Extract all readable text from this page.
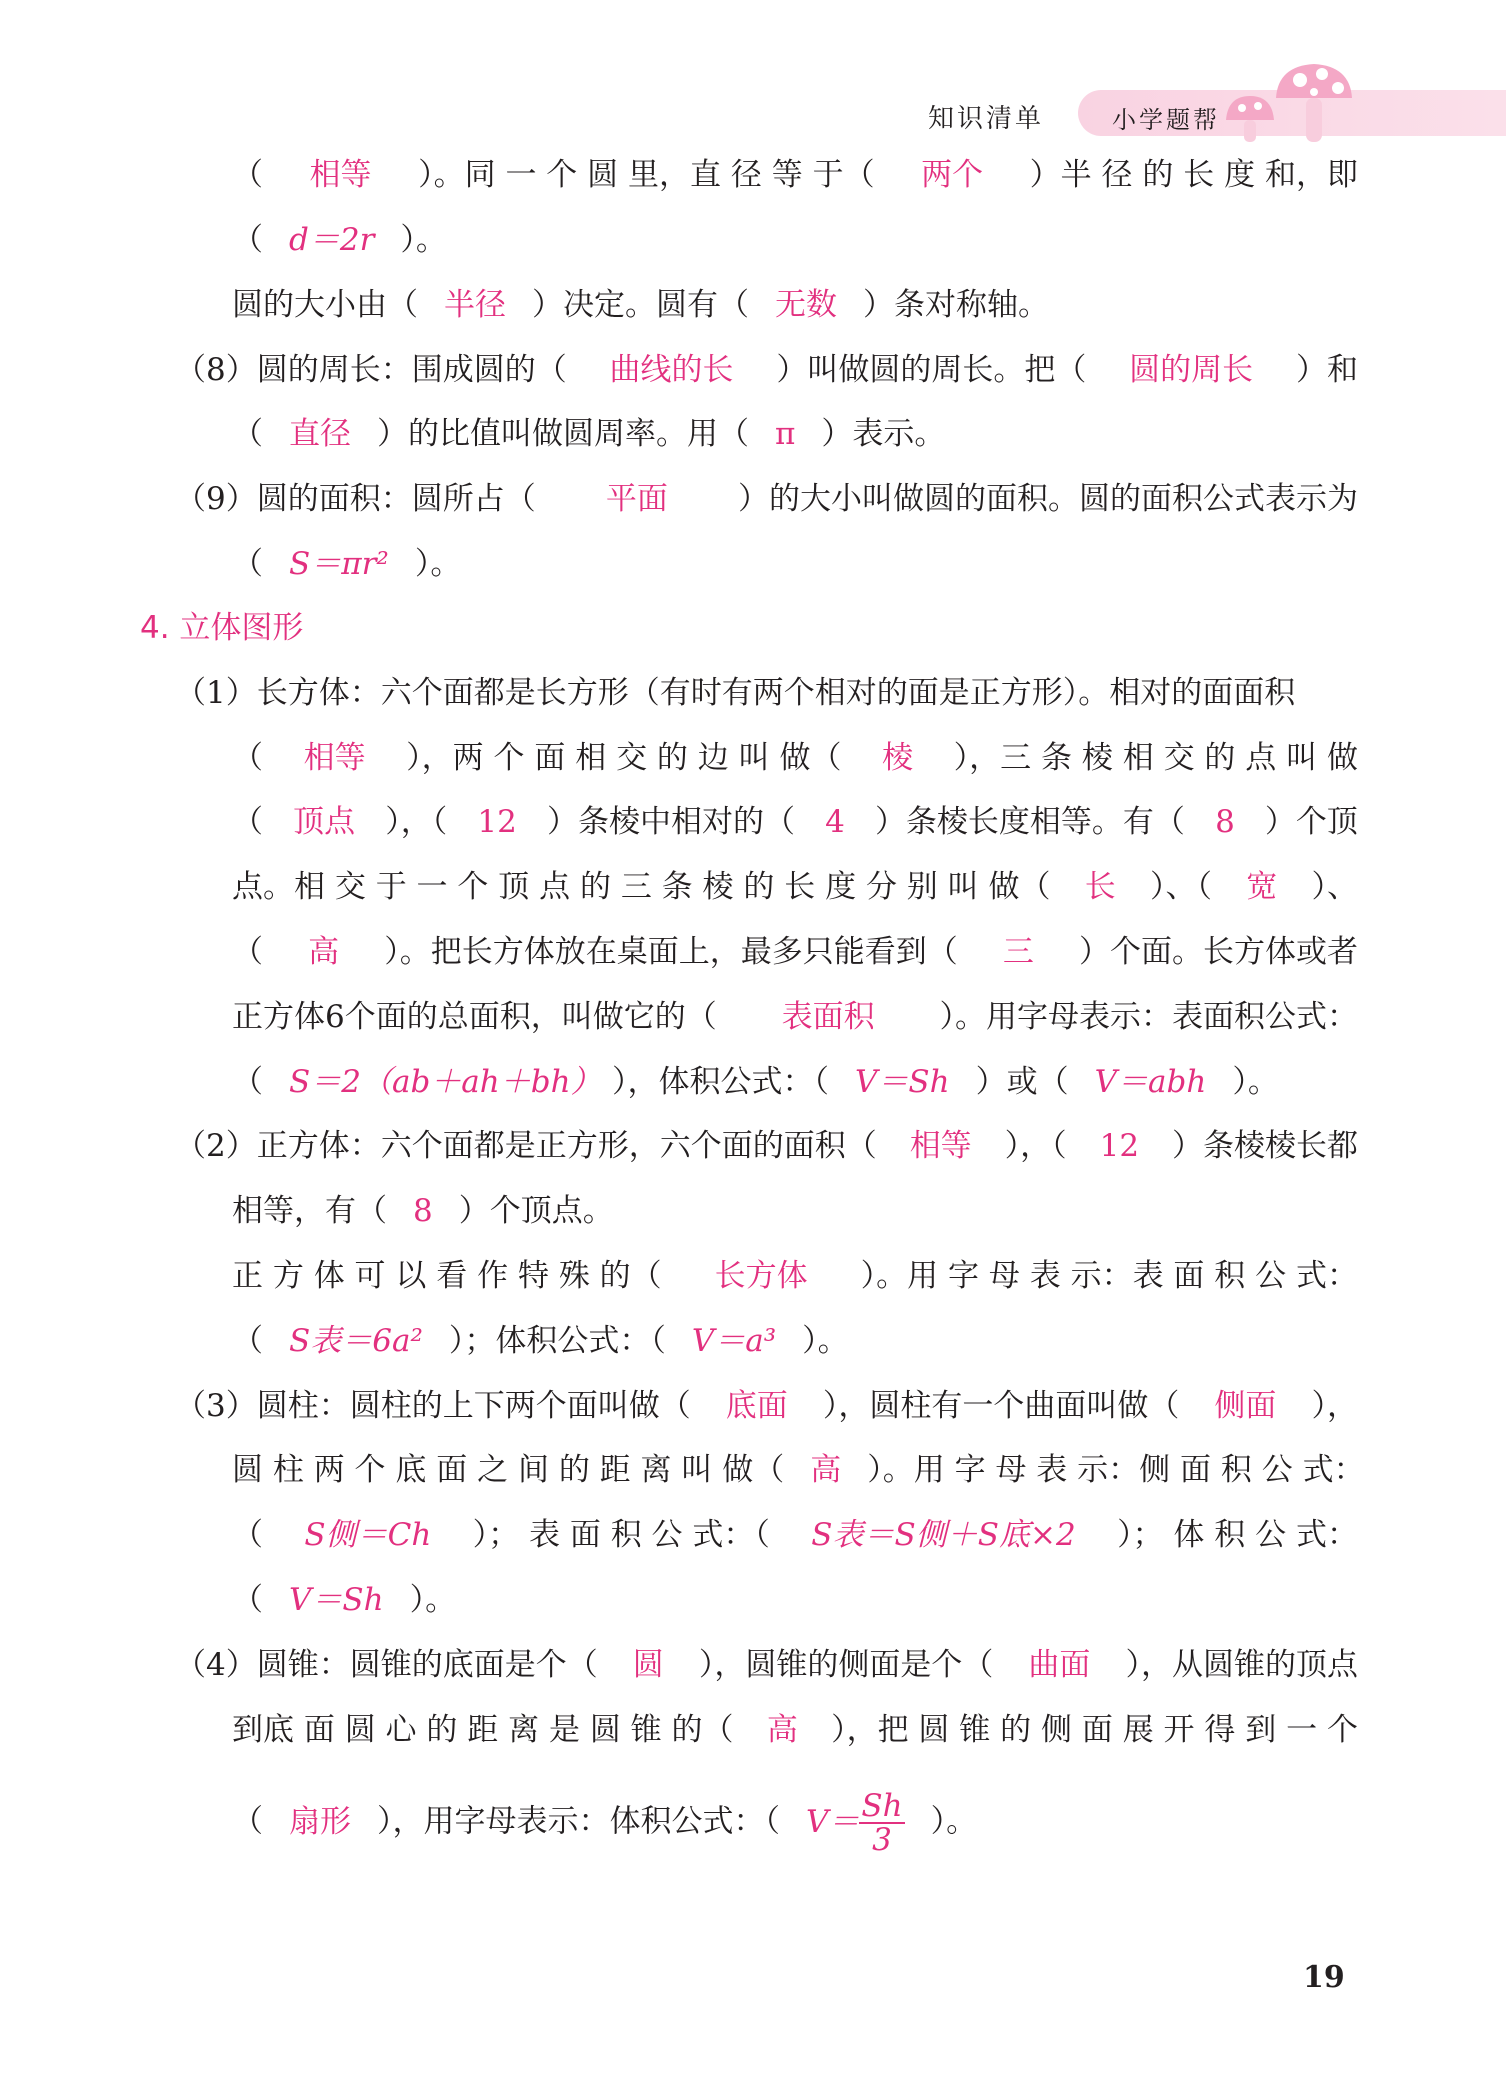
知识清单	小学题帮
（	相等	）。同 一 个 圆 里，直 径 等 于（	两个	）半 径 的 长 度 和，即
（ d＝2r ）。
圆的大小由（ 半径 ）决定。圆有（ 无数 ）条对称轴。
（8）圆的周长：围成圆的（	曲线的长	）叫做圆的周长。把（	圆的周长	）和
（ 直径 ）的比值叫做圆周率。用（ π ）表示。
（9）圆的面积：圆所占（	平面	）的大小叫做圆的面积。圆的面积公式表示为
（ S＝πr² ）。
4. 立体图形
（1）长方体：六个面都是长方形（有时有两个相对的面是正方形）。相对的面面积
（	相等	），两 个 面 相 交 的 边 叫 做（	棱	），三 条 棱 相 交 的 点 叫 做
（ 顶点 ），（ 12 ）条棱中相对的（ 4 ）条棱长度相等。有（ 8 ）个顶
点。相 交 于 一 个 顶 点 的 三 条 棱 的 长 度 分 别 叫 做（	长	）、（	宽	）、
（	高	）。把长方体放在桌面上，最多只能看到（	三	）个面。长方体或者
正方体6个面的总面积，叫做它的（	表面积	）。用字母表示：表面积公式：
（ S＝2（ab＋ah＋bh） ），体积公式：（ V＝Sh ）或（ V＝abh ）。
（2）正方体：六个面都是正方形，六个面的面积（	相等	），（	12	）条棱棱长都
相等，有（ 8 ）个顶点。
正 方 体 可 以 看 作 特 殊 的（	长方体	）。用 字 母 表 示：表 面 积 公 式：
（ S表＝6a² ）；体积公式：（ V＝a³ ）。
（3）圆柱：圆柱的上下两个面叫做（	底面	），圆柱有一个曲面叫做（	侧面	），
圆 柱 两 个 底 面 之 间 的 距 离 叫 做（ 高 ）。用 字 母 表 示：侧 面 积 公 式：
（	S侧＝Ch	）； 表 面 积 公 式：（	S表＝S侧＋S底×2	）； 体 积 公 式：
（ V＝Sh ）。
（4）圆锥：圆锥的底面是个（	圆	），圆锥的侧面是个（	曲面	），从圆锥的顶点
到底 面 圆 心 的 距 离 是 圆 锥 的（	高	），把 圆 锥 的 侧 面 展 开 得 到 一 个
（ 扇形 ），用字母表示：体积公式：（ $V= \frac{Sh}{3}$ ）。
19
